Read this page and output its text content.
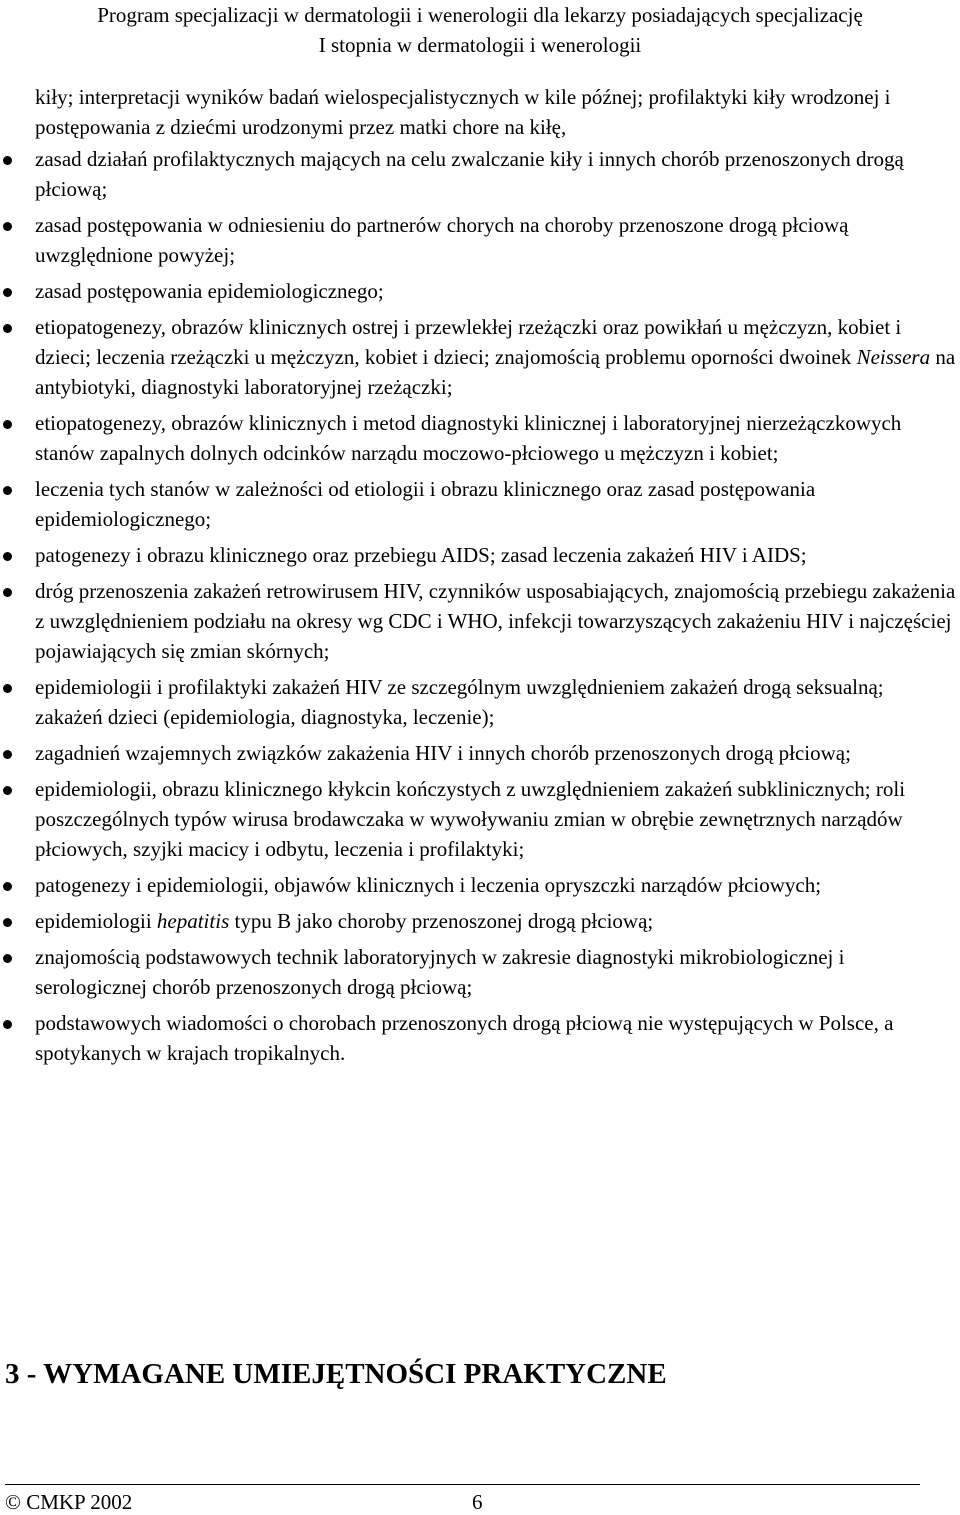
Program specjalizacji w dermatologii i wenerologii dla lekarzy posiadających specjalizację
I stopnia w dermatologii i wenerologii
kiły; interpretacji wyników badań wielospecjalistycznych w kile późnej; profilaktyki kiły wrodzonej i postępowania z dziećmi urodzonymi przez matki chore na kiłę,
zasad działań profilaktycznych mających na celu zwalczanie kiły i innych chorób przenoszonych drogą płciową;
zasad postępowania w odniesieniu do partnerów chorych na choroby przenoszone drogą płciową uwzględnione powyżej;
zasad postępowania epidemiologicznego;
etiopatogenezy, obrazów klinicznych ostrej i przewlekłej rzeżączki oraz powikłań u mężczyzn, kobiet i dzieci; leczenia rzeżączki u mężczyzn, kobiet i dzieci; znajomością problemu oporności dwoinek Neissera na antybiotyki, diagnostyki laboratoryjnej rzeżączki;
etiopatogenezy, obrazów klinicznych i metod diagnostyki klinicznej i laboratoryjnej nierzeżączkowych stanów zapalnych dolnych odcinków narządu moczowo-płciowego u mężczyzn i kobiet;
leczenia tych stanów w zależności od etiologii i obrazu klinicznego oraz zasad postępowania epidemiologicznego;
patogenezy i obrazu klinicznego oraz przebiegu AIDS; zasad leczenia zakażeń HIV i AIDS;
dróg przenoszenia zakażeń retrowirusem HIV, czynników usposabiających, znajomością przebiegu zakażenia z uwzględnieniem podziału na okresy wg CDC i WHO, infekcji towarzyszących zakażeniu HIV i najczęściej pojawiających się zmian skórnych;
epidemiologii i profilaktyki zakażeń HIV ze szczególnym uwzględnieniem zakażeń drogą seksualną; zakażeń dzieci (epidemiologia, diagnostyka, leczenie);
zagadnień wzajemnych związków zakażenia HIV i innych chorób przenoszonych drogą płciową;
epidemiologii, obrazu klinicznego kłykcin kończystych z uwzględnieniem zakażeń subklinicznych; roli poszczególnych typów wirusa brodawczaka w wywoływaniu zmian w obrębie zewnętrznych narządów płciowych, szyjki macicy i odbytu, leczenia i profilaktyki;
patogenezy i epidemiologii, objawów klinicznych i leczenia opryszczki narządów płciowych;
epidemiologii hepatitis typu B jako choroby przenoszonej drogą płciową;
znajomością podstawowych technik laboratoryjnych w zakresie diagnostyki mikrobiologicznej i serologicznej chorób przenoszonych drogą płciową;
podstawowych wiadomości o chorobach przenoszonych drogą płciową nie występujących w Polsce, a spotykanych w krajach tropikalnych.
3 - WYMAGANE UMIEJĘTNOŚCI PRAKTYCZNE
© CMKP 2002	6
